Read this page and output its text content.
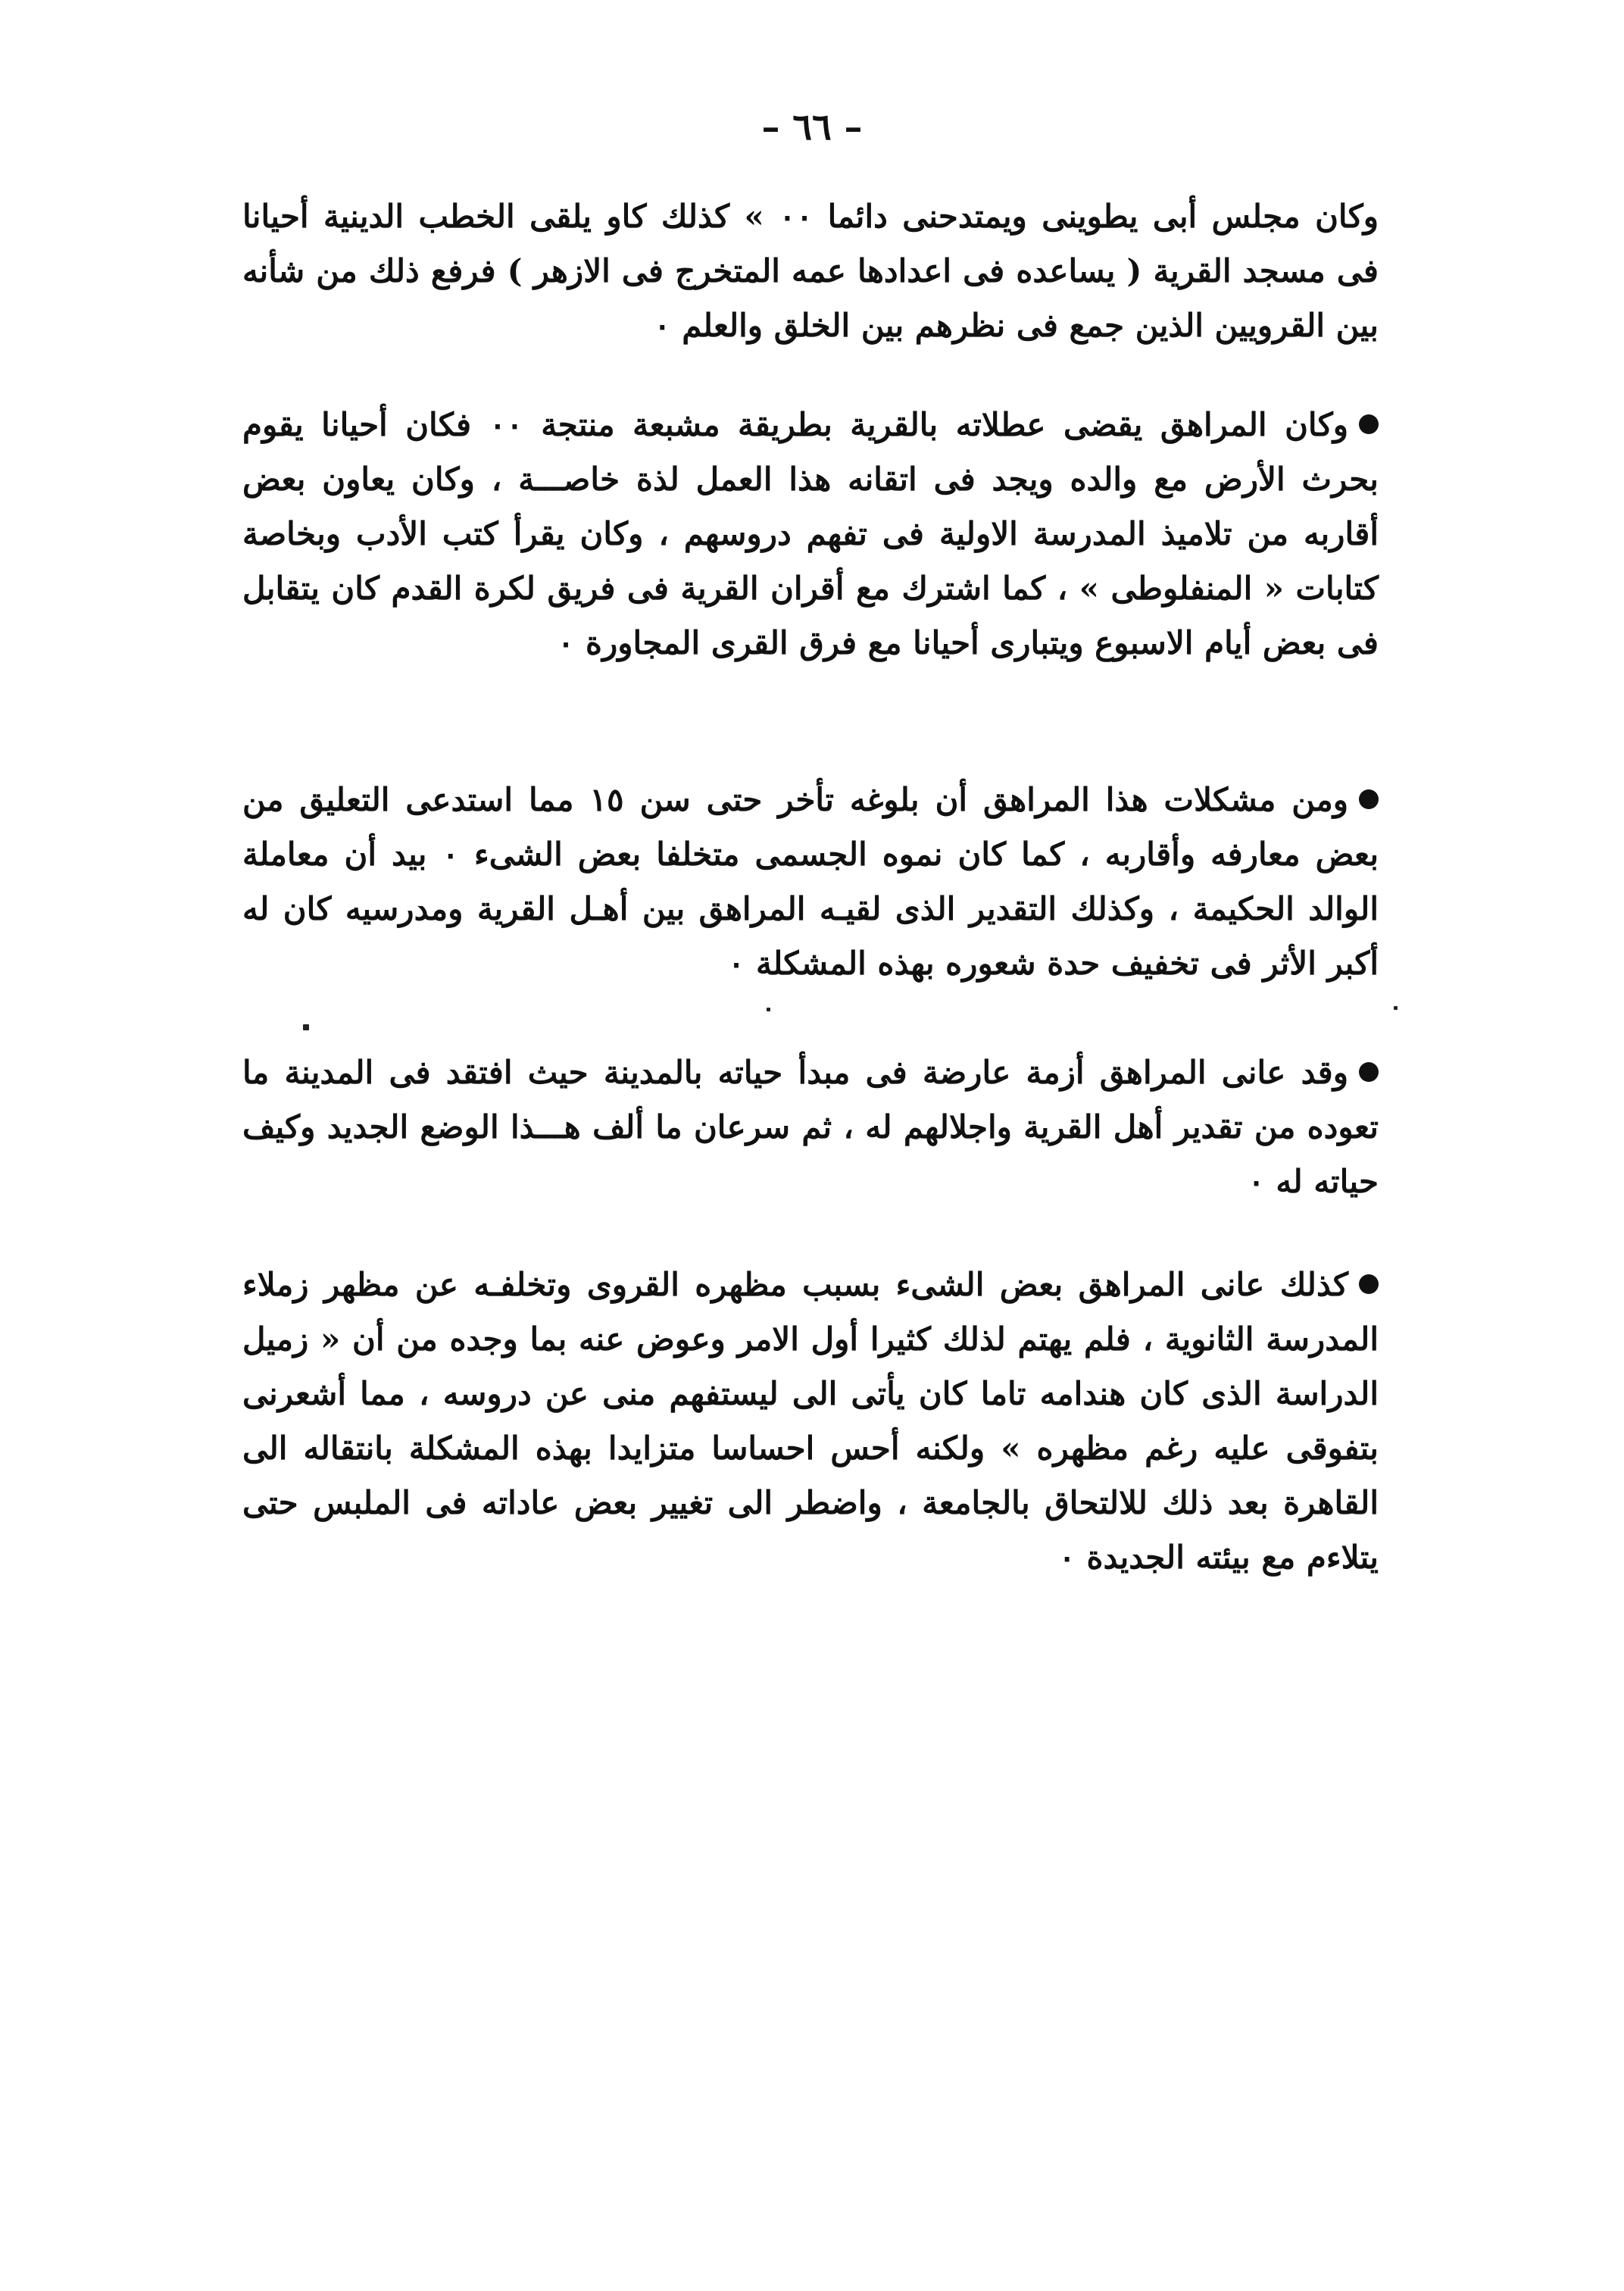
– ٦٦ –
وكان مجلس أبى يطوينى ويمتدحنى دائما ٠٠ » كذلك كاو يلقى الخطب الدينية أحيانا فى مسجد القرية ( يساعده فى اعدادها عمه المتخرج فى الازهر ) فرفع ذلك من شأنه بين القرويين الذين جمع فى نظرهم بين الخلق والعلم ٠
وكان المراهق يقضى عطلاته بالقرية بطريقة مشبعة منتجة ٠٠ فكان أحيانا يقوم بحرث الأرض مع والده ويجد فى اتقانه هذا العمل لذة خاصـــة ، وكان يعاون بعض أقاربه من تلاميذ المدرسة الاولية فى تفهم دروسهم ، وكان يقرأ كتب الأدب وبخاصة كتابات « المنفلوطى » ، كما اشترك مع أقران القرية فى فريق لكرة القدم كان يتقابل فى بعض أيام الاسبوع ويتبارى أحيانا مع فرق القرى المجاورة ٠
ومن مشكلات هذا المراهق أن بلوغه تأخر حتى سن ١٥ مما استدعى التعليق من بعض معارفه وأقاربه ، كما كان نموه الجسمى متخلفا بعض الشىء ٠ بيد أن معاملة الوالد الحكيمة ، وكذلك التقدير الذى لقيـه المراهق بين أهـل القرية ومدرسيه كان له أكبر الأثر فى تخفيف حدة شعوره بهذه المشكلة ٠
وقد عانى المراهق أزمة عارضة فى مبدأ حياته بالمدينة حيث افتقد فى المدينة ما تعوده من تقدير أهل القرية واجلالهم له ، ثم سرعان ما ألف هـــذا الوضع الجديد وكيف حياته له ٠
كذلك عانى المراهق بعض الشىء بسبب مظهره القروى وتخلفـه عن مظهر زملاء المدرسة الثانوية ، فلم يهتم لذلك كثيرا أول الامر وعوض عنه بما وجده من أن « زميل الدراسة الذى كان هندامه تاما كان يأتى الى ليستفهم منى عن دروسه ، مما أشعرنى بتفوقى عليه رغم مظهره » ولكنه أحس احساسا متزايدا بهذه المشكلة بانتقاله الى القاهرة بعد ذلك للالتحاق بالجامعة ، واضطر الى تغيير بعض عاداته فى الملبس حتى يتلاءم مع بيئته الجديدة ٠
